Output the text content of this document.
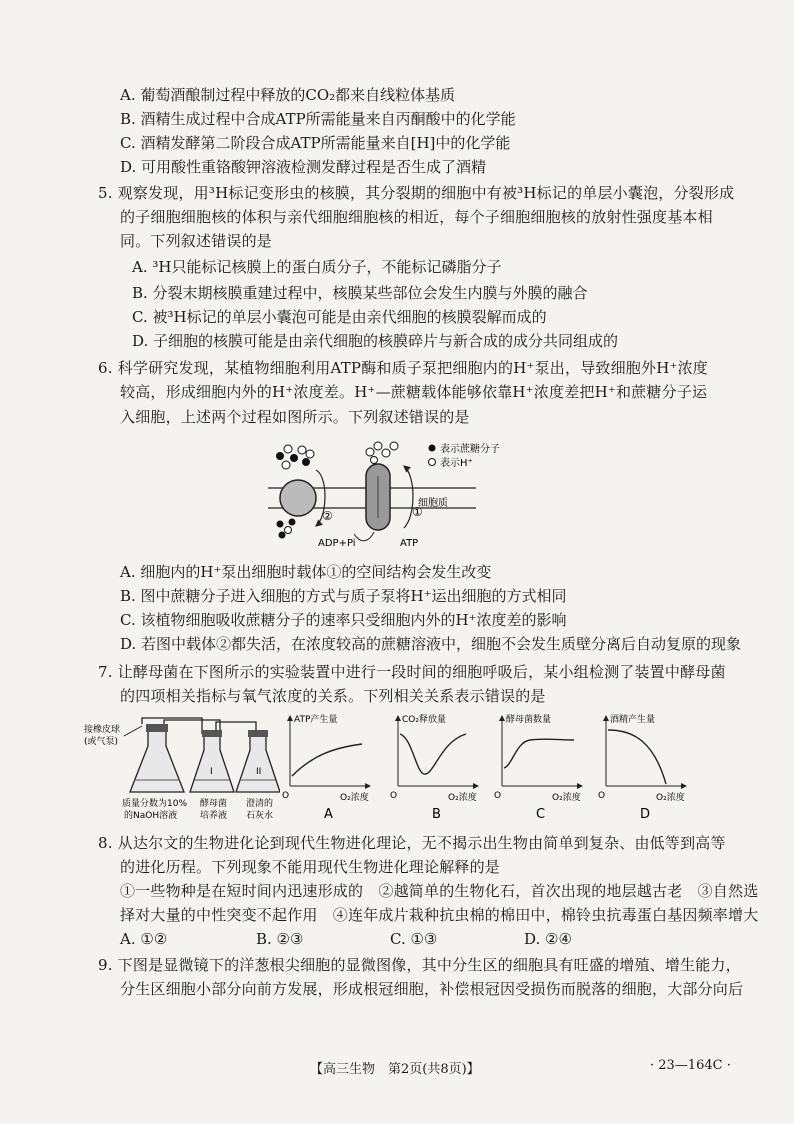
A. 葡萄酒酿制过程中释放的CO₂都来自线粒体基质
B. 酒精生成过程中合成ATP所需能量来自丙酮酸中的化学能
C. 酒精发酵第二阶段合成ATP所需能量来自[H]中的化学能
D. 可用酸性重铬酸钾溶液检测发酵过程是否生成了酒精
5. 观察发现，用³H标记变形虫的核膜，其分裂期的细胞中有被³H标记的单层小囊泡，分裂形成
的子细胞细胞核的体积与亲代细胞细胞核的相近，每个子细胞细胞核的放射性强度基本相
同。下列叙述错误的是
A. ³H只能标记核膜上的蛋白质分子，不能标记磷脂分子
B. 分裂末期核膜重建过程中，核膜某些部位会发生内膜与外膜的融合
C. 被³H标记的单层小囊泡可能是由亲代细胞的核膜裂解而成的
D. 子细胞的核膜可能是由亲代细胞的核膜碎片与新合成的成分共同组成的
6. 科学研究发现，某植物细胞利用ATP酶和质子泵把细胞内的H⁺泵出，导致细胞外H⁺浓度
较高，形成细胞内外的H⁺浓度差。H⁺—蔗糖载体能够依靠H⁺浓度差把H⁺和蔗糖分子运
入细胞，上述两个过程如图所示。下列叙述错误的是
②	①
ADP+Pi	ATP
细胞质
表示蔗糖分子
表示H⁺
A. 细胞内的H⁺泵出细胞时载体①的空间结构会发生改变
B. 图中蔗糖分子进入细胞的方式与质子泵将H⁺运出细胞的方式相同
C. 该植物细胞吸收蔗糖分子的速率只受细胞内外的H⁺浓度差的影响
D. 若图中载体②都失活，在浓度较高的蔗糖溶液中，细胞不会发生质壁分离后自动复原的现象
7. 让酵母菌在下图所示的实验装置中进行一段时间的细胞呼吸后，某小组检测了装置中酵母菌
的四项相关指标与氧气浓度的关系。下列相关关系表示错误的是
接橡皮球
(或气泵)
I	II
质量分数为10%
的NaOH溶液
酵母菌
培养液
澄清的
石灰水
ATP产生量
O	O₂浓度
A
CO₂释放量
O	O₂浓度
B
酵母菌数量
O	O₂浓度
C
酒精产生量
O	O₂浓度
D
8. 从达尔文的生物进化论到现代生物进化理论，无不揭示出生物由简单到复杂、由低等到高等
的进化历程。下列现象不能用现代生物进化理论解释的是
①一些物种是在短时间内迅速形成的　②越简单的生物化石，首次出现的地层越古老　③自然选
择对大量的中性突变不起作用　④连年成片栽种抗虫棉的棉田中，棉铃虫抗毒蛋白基因频率增大
A. ①②	B. ②③	C. ①③	D. ②④
9. 下图是显微镜下的洋葱根尖细胞的显微图像，其中分生区的细胞具有旺盛的增殖、增生能力，
分生区细胞小部分向前方发展，形成根冠细胞，补偿根冠因受损伤而脱落的细胞，大部分向后
【高三生物　第2页(共8页)】	· 23—164C ·
